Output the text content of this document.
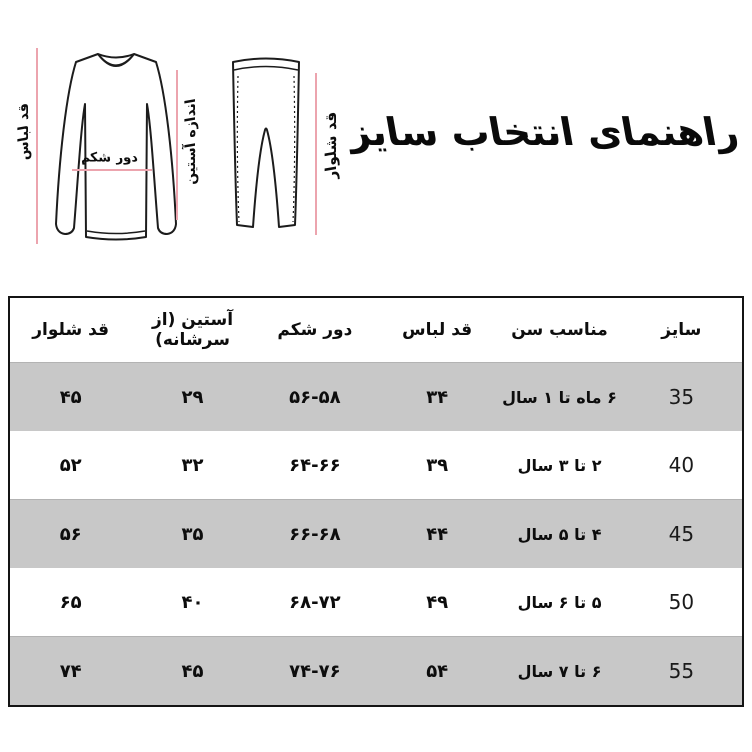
قد لباس	اندازه آستین	قد شلوار
دور شکم
راهنمای انتخاب سایز
سایز	مناسب سن	قد لباس	دور شکم	آستین (از سرشانه)	قد شلوار
35	۶ ماه تا ۱ سال	۳۴	۵۶-۵۸	۲۹	۴۵
40	۲ تا ۳ سال	۳۹	۶۴-۶۶	۳۲	۵۲
45	۴ تا ۵ سال	۴۴	۶۶-۶۸	۳۵	۵۶
50	۵ تا ۶ سال	۴۹	۶۸-۷۲	۴۰	۶۵
55	۶ تا ۷ سال	۵۴	۷۴-۷۶	۴۵	۷۴
